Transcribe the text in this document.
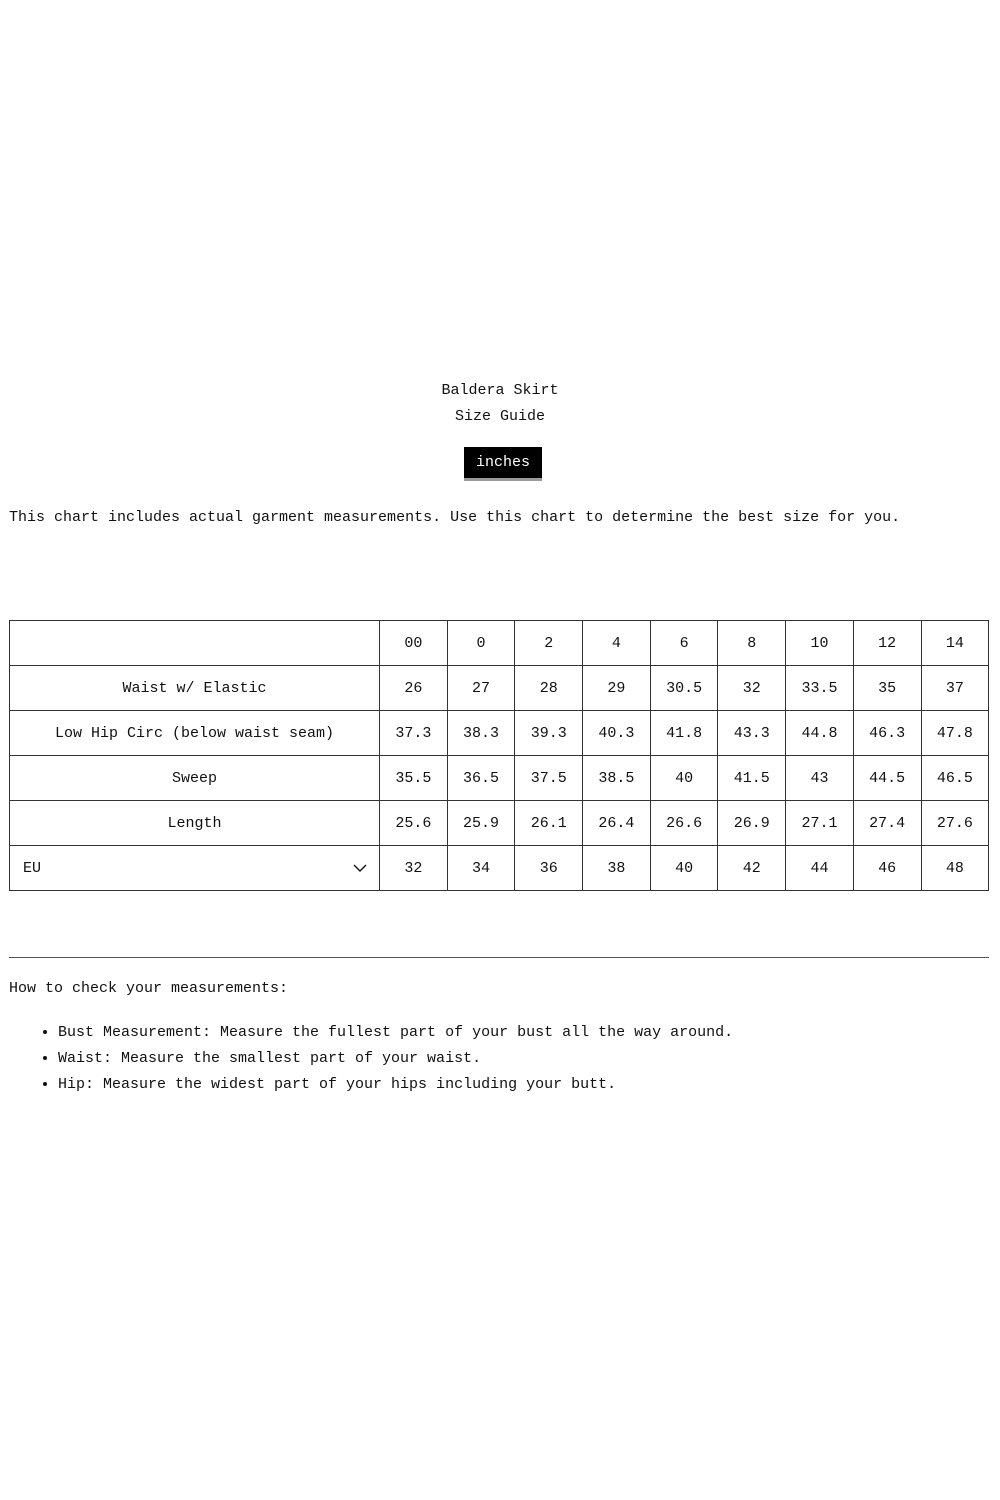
Baldera Skirt
Size Guide
inches
This chart includes actual garment measurements. Use this chart to determine the best size for you.
	00	0	2	4	6	8	10	12	14
Waist w/ Elastic	26	27	28	29	30.5	32	33.5	35	37
Low Hip Circ (below waist seam)	37.3	38.3	39.3	40.3	41.8	43.3	44.8	46.3	47.8
Sweep	35.5	36.5	37.5	38.5	40	41.5	43	44.5	46.5
Length	25.6	25.9	26.1	26.4	26.6	26.9	27.1	27.4	27.6

EU	32	34	36	38	40	42	44	46	48
How to check your measurements:
• Bust Measurement: Measure the fullest part of your bust all the way around.
• Waist: Measure the smallest part of your waist.
• Hip: Measure the widest part of your hips including your butt.
